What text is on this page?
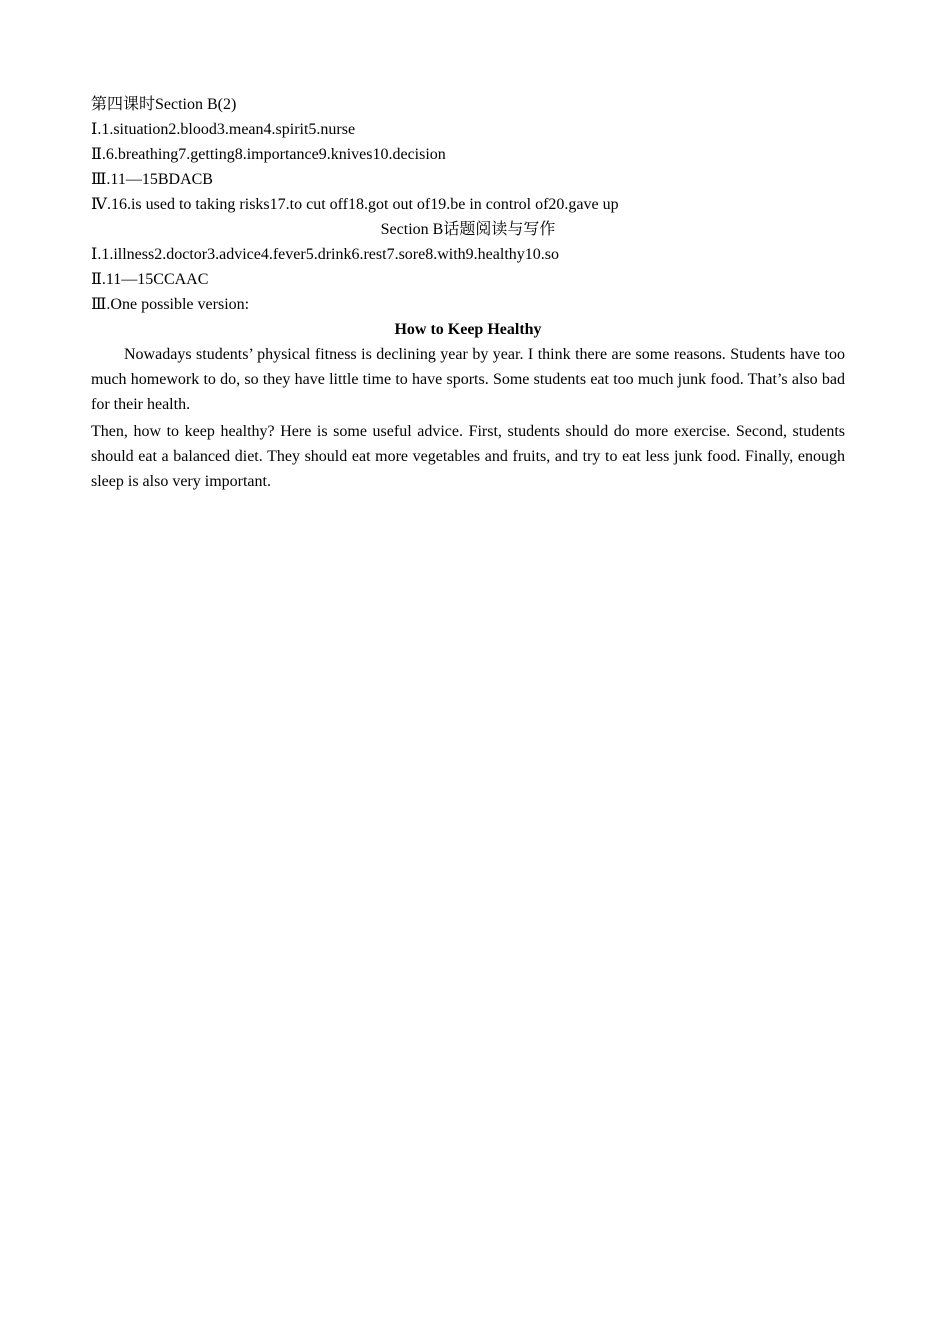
第四课时Section B(2)
Ⅰ.1.situation2.blood3.mean4.spirit5.nurse
Ⅱ.6.breathing7.getting8.importance9.knives10.decision
Ⅲ.11—15BDACB
Ⅳ.16.is used to taking risks17.to cut off18.got out of19.be in control of20.gave up
Section B话题阅读与写作
Ⅰ.1.illness2.doctor3.advice4.fever5.drink6.rest7.sore8.with9.healthy10.so
Ⅱ.11—15CCAAC
Ⅲ.One possible version:
How to Keep Healthy

Nowadays students’ physical fitness is declining year by year. I think there are some reasons. Students have too much homework to do, so they have little time to have sports. Some students eat too much junk food. That’s also bad for their health.

Then, how to keep healthy? Here is some useful advice. First, students should do more exercise. Second, students should eat a balanced diet. They should eat more vegetables and fruits, and try to eat less junk food. Finally, enough sleep is also very important.
